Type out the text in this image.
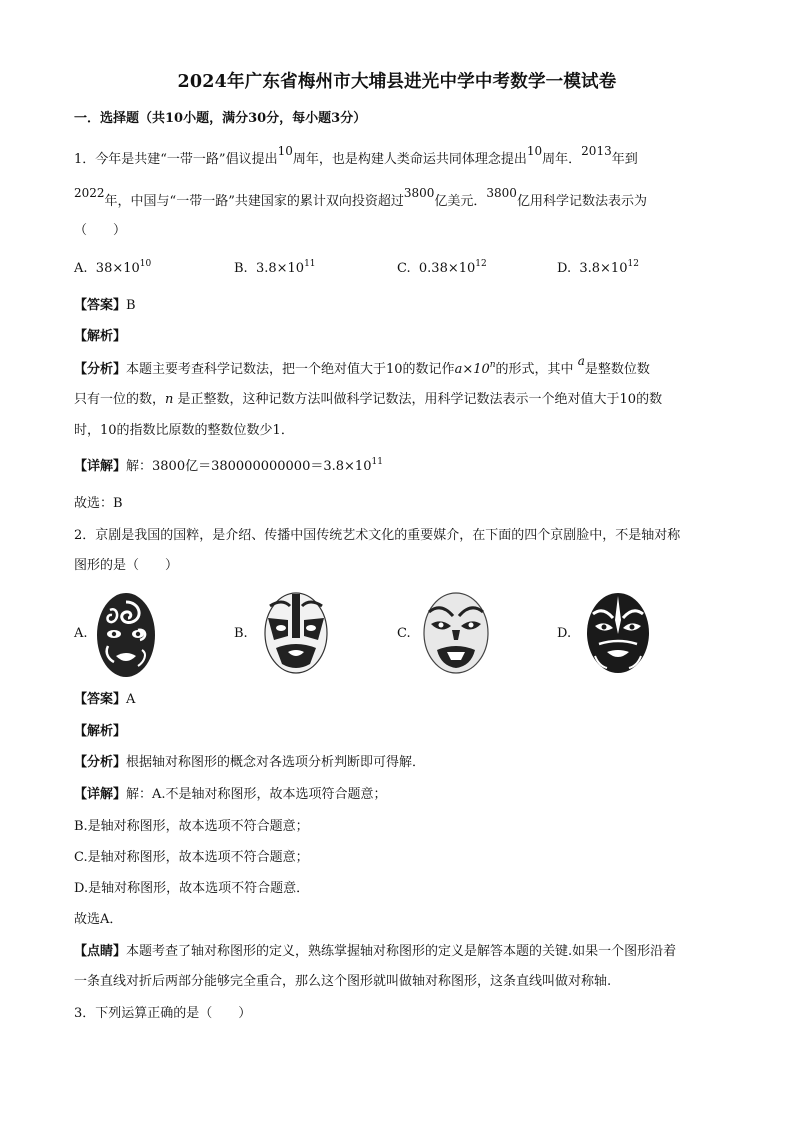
2024年广东省梅州市大埔县进光中学中考数学一模试卷
一．选择题（共10小题，满分30分，每小题3分）
1．今年是共建“一带一路”倡议提出10周年，也是构建人类命运共同体理念提出10周年．2013年到
2022年，中国与“一带一路”共建国家的累计双向投资超过3800亿美元．3800亿用科学记数法表示为
（　　）
A. $38\times 10^{10}$	B. $3.8\times 10^{11}$	C. $0.38\times 10^{12}$	D. $3.8\times 10^{12}$
【答案】B
【解析】
【分析】本题主要考查科学记数法，把一个绝对值大于10的数记作$a\times 10^n$的形式，其中 a是整数位数
只有一位的数，n 是正整数，这种记数方法叫做科学记数法，用科学记数法表示一个绝对值大于10的数
时，10的指数比原数的整数位数少1．
【详解】解：3800亿$=380000000000=3.8\times 10^{11}$
故选：B
2．京剧是我国的国粹，是介绍、传播中国传统艺术文化的重要媒介，在下面的四个京剧脸中，不是轴对称
图形的是（　　）
A.	B.	C.	D.
【答案】A
【解析】
【分析】根据轴对称图形的概念对各选项分析判断即可得解．
【详解】解：A.不是轴对称图形，故本选项符合题意；
B.是轴对称图形，故本选项不符合题意；
C.是轴对称图形，故本选项不符合题意；
D.是轴对称图形，故本选项不符合题意．
故选A．
【点睛】本题考查了轴对称图形的定义，熟练掌握轴对称图形的定义是解答本题的关键.如果一个图形沿着
一条直线对折后两部分能够完全重合，那么这个图形就叫做轴对称图形，这条直线叫做对称轴.
3．下列运算正确的是（　　）
